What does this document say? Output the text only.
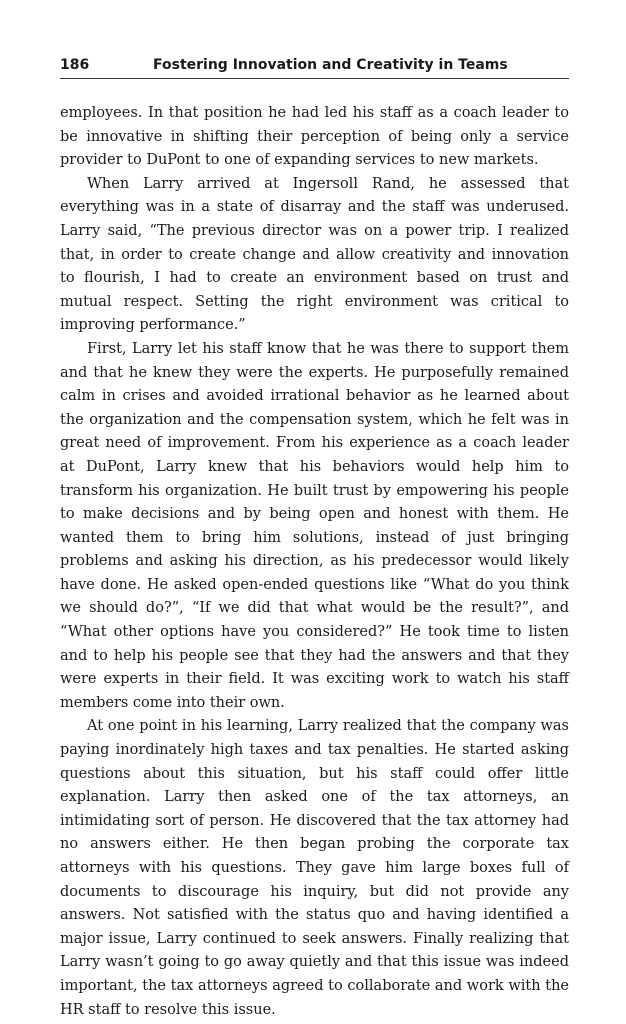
186	Fostering Innovation and Creativity in Teams

employees. In that position he had led his staff as a coach leader to be innovative in shifting their perception of being only a service provider to DuPont to one of expanding services to new markets.

When Larry arrived at Ingersoll Rand, he assessed that everything was in a state of disarray and the staff was underused. Larry said, “The previous director was on a power trip. I realized that, in order to create change and allow creativity and innovation to flourish, I had to create an environment based on trust and mutual respect. Setting the right environment was critical to improving performance.”

First, Larry let his staff know that he was there to support them and that he knew they were the experts. He purposefully remained calm in crises and avoided irrational behavior as he learned about the organization and the compensation system, which he felt was in great need of improvement. From his experience as a coach leader at DuPont, Larry knew that his behaviors would help him to transform his organization. He built trust by empowering his people to make decisions and by being open and honest with them. He wanted them to bring him solutions, instead of just bringing problems and asking his direction, as his predecessor would likely have done. He asked open-ended questions like “What do you think we should do?”, “If we did that what would be the result?”, and “What other options have you considered?” He took time to listen and to help his people see that they had the answers and that they were experts in their field. It was exciting work to watch his staff members come into their own.

At one point in his learning, Larry realized that the company was paying inordinately high taxes and tax penalties. He started asking questions about this situation, but his staff could offer little explanation. Larry then asked one of the tax attorneys, an intimidating sort of person. He discovered that the tax attorney had no answers either. He then began probing the corporate tax attorneys with his questions. They gave him large boxes full of documents to discourage his inquiry, but did not provide any answers. Not satisfied with the status quo and having identified a major issue, Larry continued to seek answers. Finally realizing that Larry wasn’t going to go away quietly and that this issue was indeed important, the tax attorneys agreed to collaborate and work with the HR staff to resolve this issue.
